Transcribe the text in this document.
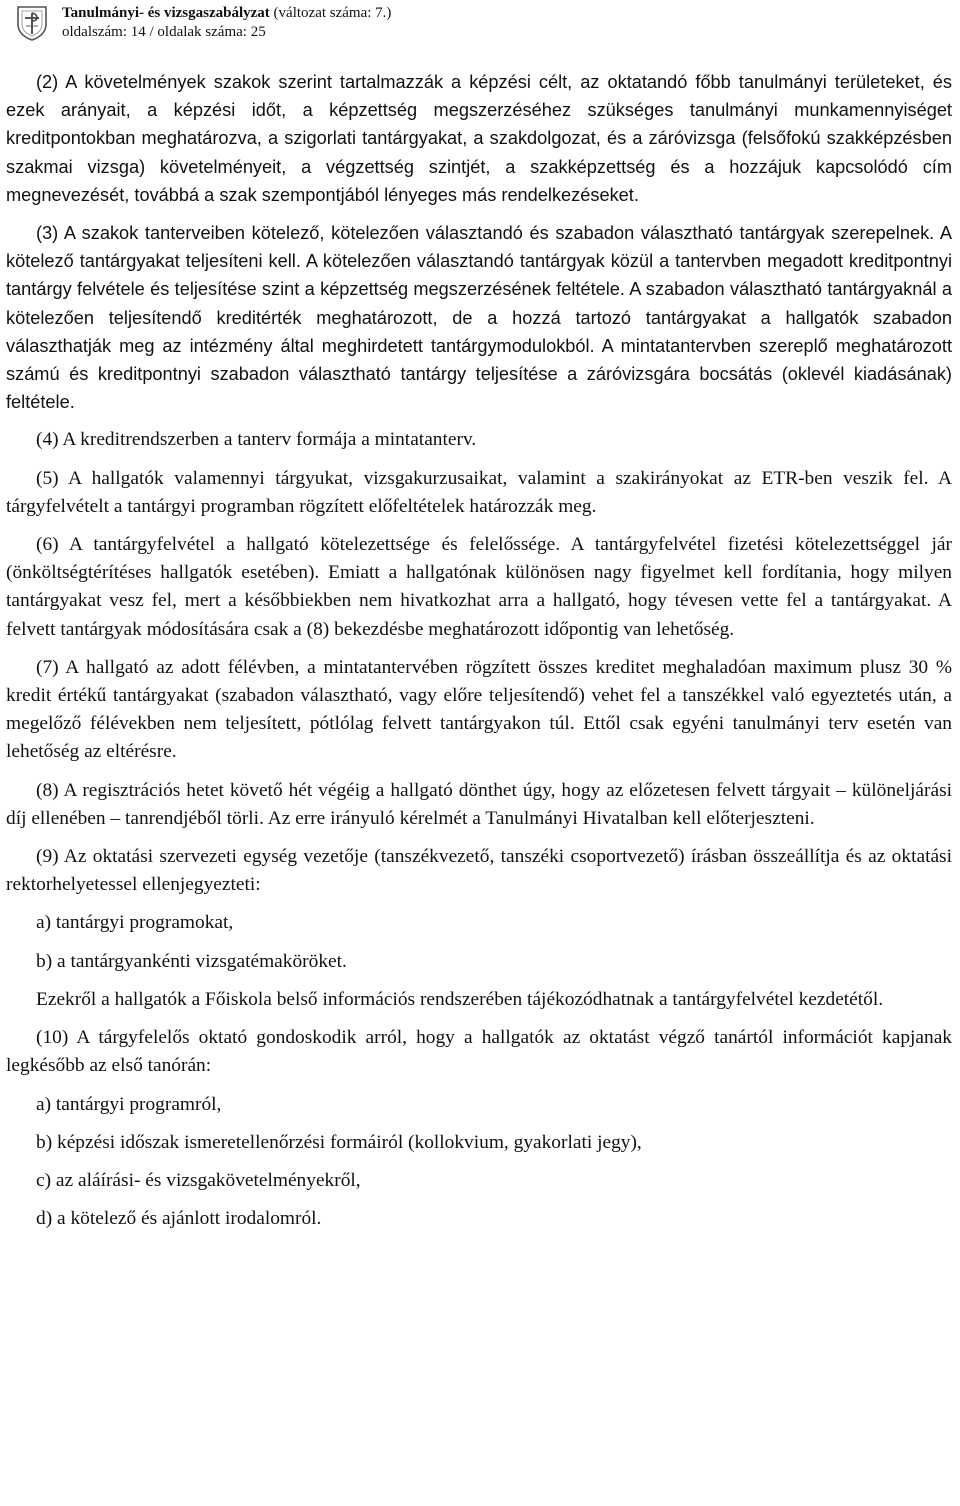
Tanulmányi- és vizsgaszabályzat (változat száma: 7.)
oldalszám: 14 / oldalak száma: 25

(2) A követelmények szakok szerint tartalmazzák a képzési célt, az oktatandó főbb tanulmányi területeket, és ezek arányait, a képzési időt, a képzettség megszerzéséhez szükséges tanulmányi munkamennyiséget kreditpontokban meghatározva, a szigorlati tantárgyakat, a szakdolgozat, és a záróvizsga (felsőfokú szakképzésben szakmai vizsga) követelményeit, a végzettség szintjét, a szakképzettség és a hozzájuk kapcsolódó cím megnevezését, továbbá a szak szempontjából lényeges más rendelkezéseket.

(3) A szakok tanterveiben kötelező, kötelezően választandó és szabadon választható tantárgyak szerepelnek. A kötelező tantárgyakat teljesíteni kell. A kötelezően választandó tantárgyak közül a tantervben megadott kreditpontnyi tantárgy felvétele és teljesítése szint a képzettség megszerzésének feltétele. A szabadon választható tantárgyaknál a kötelezően teljesítendő kreditérték meghatározott, de a hozzá tartozó tantárgyakat a hallgatók szabadon választhatják meg az intézmény által meghirdetett tantárgymodulokból. A mintatantervben szereplő meghatározott számú és kreditpontnyi szabadon választható tantárgy teljesítése a záróvizsgára bocsátás (oklevél kiadásának) feltétele.

(4) A kreditrendszerben a tanterv formája a mintatanterv.

(5) A hallgatók valamennyi tárgyukat, vizsgakurzusaikat, valamint a szakirányokat az ETR-ben veszik fel. A tárgyfelvételt a tantárgyi programban rögzített előfeltételek határozzák meg.

(6) A tantárgyfelvétel a hallgató kötelezettsége és felelőssége. A tantárgyfelvétel fizetési kötelezettséggel jár (önköltségtérítéses hallgatók esetében). Emiatt a hallgatónak különösen nagy figyelmet kell fordítania, hogy milyen tantárgyakat vesz fel, mert a későbbiekben nem hivatkozhat arra a hallgató, hogy tévesen vette fel a tantárgyakat. A felvett tantárgyak módosítására csak a (8) bekezdésbe meghatározott időpontig van lehetőség.

(7) A hallgató az adott félévben, a mintatantervében rögzített összes kreditet meghaladóan maximum plusz 30 % kredit értékű tantárgyakat (szabadon választható, vagy előre teljesítendő) vehet fel a tanszékkel való egyeztetés után, a megelőző félévekben nem teljesített, pótlólag felvett tantárgyakon túl. Ettől csak egyéni tanulmányi terv esetén van lehetőség az eltérésre.

(8) A regisztrációs hetet követő hét végéig a hallgató dönthet úgy, hogy az előzetesen felvett tárgyait – különeljárási díj ellenében – tanrendjéből törli. Az erre irányuló kérelmét a Tanulmányi Hivatalban kell előterjeszteni.

(9) Az oktatási szervezeti egység vezetője (tanszékvezető, tanszéki csoportvezető) írásban összeállítja és az oktatási rektorhelyetessel ellenjegyezteti:

a) tantárgyi programokat,

b) a tantárgyankénti vizsgatémaköröket.

Ezekről a hallgatók a Főiskola belső információs rendszerében tájékozódhatnak a tantárgyfelvétel kezdetétől.

(10) A tárgyfelelős oktató gondoskodik arról, hogy a hallgatók az oktatást végző tanártól információt kapjanak legkésőbb az első tanórán:

a) tantárgyi programról,

b) képzési időszak ismeretellenőrzési formáiról (kollokvium, gyakorlati jegy),

c) az aláírási- és vizsgakövetelményekről,

d) a kötelező és ajánlott irodalomról.
